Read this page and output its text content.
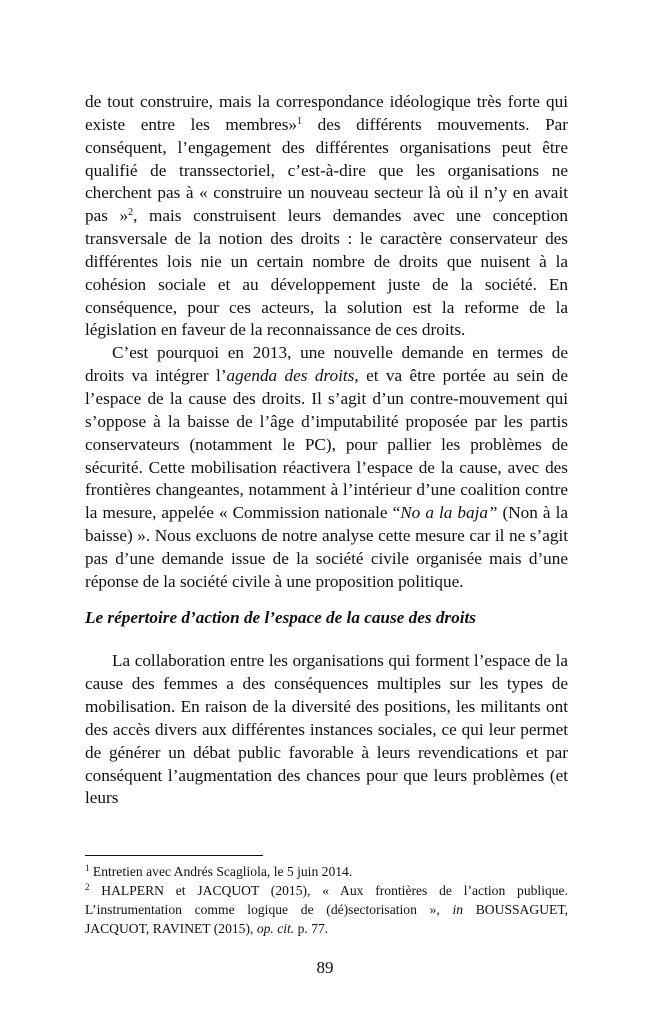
de tout construire, mais la correspondance idéologique très forte qui existe entre les membres»$^1$ des différents mouvements. Par conséquent, l’engagement des différentes organisations peut être qualifié de transsectoriel, c’est-à-dire que les organisations ne cherchent pas à « construire un nouveau secteur là où il n’y en avait pas »$^2$, mais construisent leurs demandes avec une conception transversale de la notion des droits : le caractère conservateur des différentes lois nie un certain nombre de droits que nuisent à la cohésion sociale et au développement juste de la société. En conséquence, pour ces acteurs, la solution est la reforme de la législation en faveur de la reconnaissance de ces droits.

C’est pourquoi en 2013, une nouvelle demande en termes de droits va intégrer l’agenda des droits, et va être portée au sein de l’espace de la cause des droits. Il s’agit d’un contre-mouvement qui s’oppose à la baisse de l’âge d’imputabilité proposée par les partis conservateurs (notamment le PC), pour pallier les problèmes de sécurité. Cette mobilisation réactivera l’espace de la cause, avec des frontières changeantes, notamment à l’intérieur d’une coalition contre la mesure, appelée « Commission nationale “No a la baja” (Non à la baisse) ». Nous excluons de notre analyse cette mesure car il ne s’agit pas d’une demande issue de la société civile organisée mais d’une réponse de la société civile à une proposition politique.

Le répertoire d’action de l’espace de la cause des droits

La collaboration entre les organisations qui forment l’espace de la cause des femmes a des conséquences multiples sur les types de mobilisation. En raison de la diversité des positions, les militants ont des accès divers aux différentes instances sociales, ce qui leur permet de générer un débat public favorable à leurs revendications et par conséquent l’augmentation des chances pour que leurs problèmes (et leurs

$^1$ Entretien avec Andrés Scagliola, le 5 juin 2014.

$^2$ HALPERN et JACQUOT (2015), « Aux frontières de l’action publique. L’instrumentation comme logique de (dé)sectorisation », in BOUSSAGUET, JACQUOT, RAVINET (2015), op. cit. p. 77.

89
